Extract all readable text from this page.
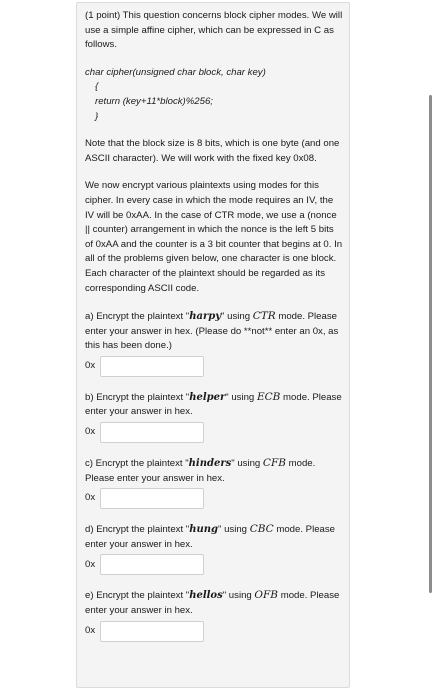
(1 point) This question concerns block cipher modes. We will use a simple affine cipher, which can be expressed in C as follows.

char cipher(unsigned char block, char key)
{
return (key+11*block)%256;
}

Note that the block size is 8 bits, which is one byte (and one ASCII character). We will work with the fixed key 0x08.

We now encrypt various plaintexts using modes for this cipher. In every case in which the mode requires an IV, the IV will be 0xAA. In the case of CTR mode, we use a (nonce || counter) arrangement in which the nonce is the left 5 bits of 0xAA and the counter is a 3 bit counter that begins at 0. In all of the problems given below, one character is one block. Each character of the plaintext should be regarded as its corresponding ASCII code.

a) Encrypt the plaintext "harpy" using CTR mode. Please enter your answer in hex. (Please do **not** enter an 0x, as this has been done.)

0x

b) Encrypt the plaintext "helper" using ECB mode. Please enter your answer in hex.

0x

c) Encrypt the plaintext "hinders" using CFB mode. Please enter your answer in hex.

0x

d) Encrypt the plaintext "hung" using CBC mode. Please enter your answer in hex.

0x

e) Encrypt the plaintext "hellos" using OFB mode. Please enter your answer in hex.

0x
